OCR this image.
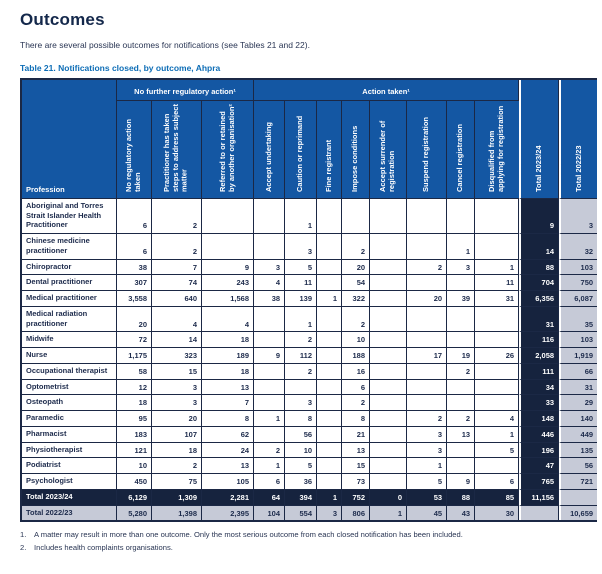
Outcomes
There are several possible outcomes for notifications (see Tables 21 and 22).
Table 21. Notifications closed, by outcome, Ahpra
Profession	No further regulatory action¹			Action taken¹								Total 2023/24	Total 2022/23
	No regulatory action taken	Practitioner has taken steps to address subject matter	Referred to or retained by another organisation²	Accept undertaking	Caution or reprimand	Fine registrant	Impose conditions	Accept surrender of registration	Suspend registration	Cancel registration	Disqualified from applying for registration		
Aboriginal and Torres Strait Islander Health Practitioner	6	2			1							9	3
Chinese medicine practitioner	6	2			3		2			1		14	32
Chiropractor	38	7	9	3	5		20		2	3	1	88	103
Dental practitioner	307	74	243	4	11		54				11	704	750
Medical practitioner	3,558	640	1,568	38	139	1	322		20	39	31	6,356	6,087
Medical radiation practitioner	20	4	4		1		2					31	35
Midwife	72	14	18		2		10					116	103
Nurse	1,175	323	189	9	112		188		17	19	26	2,058	1,919
Occupational therapist	58	15	18		2		16			2		111	66
Optometrist	12	3	13				6					34	31
Osteopath	18	3	7		3		2					33	29
Paramedic	95	20	8	1	8		8		2	2	4	148	140
Pharmacist	183	107	62		56		21		3	13	1	446	449
Physiotherapist	121	18	24	2	10		13		3		5	196	135
Podiatrist	10	2	13	1	5		15		1			47	56
Psychologist	450	75	105	6	36		73		5	9	6	765	721
Total 2023/24	6,129	1,309	2,281	64	394	1	752	0	53	88	85	11,156	
Total 2022/23	5,280	1,398	2,395	104	554	3	806	1	45	43	30		10,659
1.	A matter may result in more than one outcome. Only the most serious outcome from each closed notification has been included.
2.	Includes health complaints organisations.
